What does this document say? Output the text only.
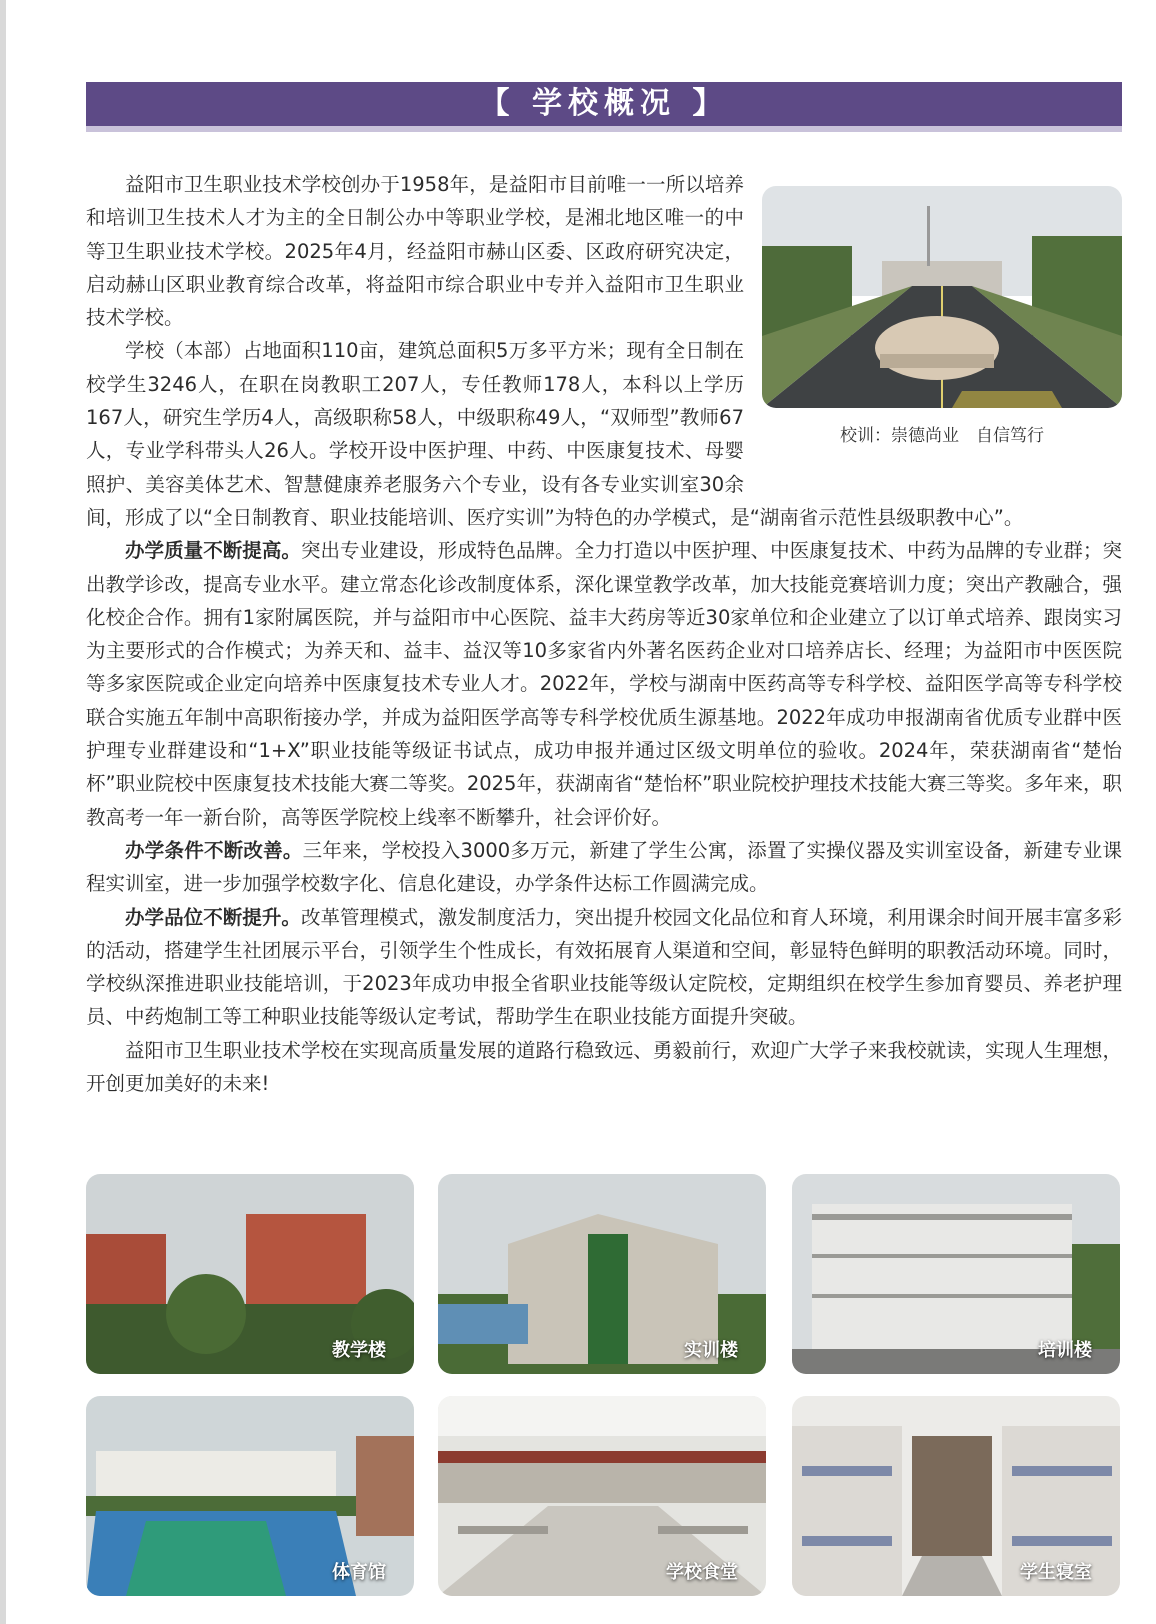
【 学校概况 】
校训：崇德尚业　自信笃行

益阳市卫生职业技术学校创办于1958年，是益阳市目前唯一一所以培养和培训卫生技术人才为主的全日制公办中等职业学校，是湘北地区唯一的中等卫生职业技术学校。2025年4月，经益阳市赫山区委、区政府研究决定，启动赫山区职业教育综合改革，将益阳市综合职业中专并入益阳市卫生职业技术学校。

学校（本部）占地面积110亩，建筑总面积5万多平方米；现有全日制在校学生3246人，在职在岗教职工207人，专任教师178人，本科以上学历167人，研究生学历4人，高级职称58人，中级职称49人，“双师型”教师67人，专业学科带头人26人。学校开设中医护理、中药、中医康复技术、母婴照护、美容美体艺术、智慧健康养老服务六个专业，设有各专业实训室30余间，形成了以“全日制教育、职业技能培训、医疗实训”为特色的办学模式，是“湖南省示范性县级职教中心”。

办学质量不断提高。突出专业建设，形成特色品牌。全力打造以中医护理、中医康复技术、中药为品牌的专业群；突出教学诊改，提高专业水平。建立常态化诊改制度体系，深化课堂教学改革，加大技能竞赛培训力度；突出产教融合，强化校企合作。拥有1家附属医院，并与益阳市中心医院、益丰大药房等近30家单位和企业建立了以订单式培养、跟岗实习为主要形式的合作模式；为养天和、益丰、益汉等10多家省内外著名医药企业对口培养店长、经理；为益阳市中医医院等多家医院或企业定向培养中医康复技术专业人才。2022年，学校与湖南中医药高等专科学校、益阳医学高等专科学校联合实施五年制中高职衔接办学，并成为益阳医学高等专科学校优质生源基地。2022年成功申报湖南省优质专业群中医护理专业群建设和“1+X”职业技能等级证书试点，成功申报并通过区级文明单位的验收。2024年，荣获湖南省“楚怡杯”职业院校中医康复技术技能大赛二等奖。2025年，获湖南省“楚怡杯”职业院校护理技术技能大赛三等奖。多年来，职教高考一年一新台阶，高等医学院校上线率不断攀升，社会评价好。

办学条件不断改善。三年来，学校投入3000多万元，新建了学生公寓，添置了实操仪器及实训室设备，新建专业课程实训室，进一步加强学校数字化、信息化建设，办学条件达标工作圆满完成。

办学品位不断提升。改革管理模式，激发制度活力，突出提升校园文化品位和育人环境，利用课余时间开展丰富多彩的活动，搭建学生社团展示平台，引领学生个性成长，有效拓展育人渠道和空间，彰显特色鲜明的职教活动环境。同时，学校纵深推进职业技能培训，于2023年成功申报全省职业技能等级认定院校，定期组织在校学生参加育婴员、养老护理员、中药炮制工等工种职业技能等级认定考试，帮助学生在职业技能方面提升突破。

益阳市卫生职业技术学校在实现高质量发展的道路行稳致远、勇毅前行，欢迎广大学子来我校就读，实现人生理想，开创更加美好的未来!

教学楼	实训楼	培训楼
体育馆	学校食堂	学生寝室
